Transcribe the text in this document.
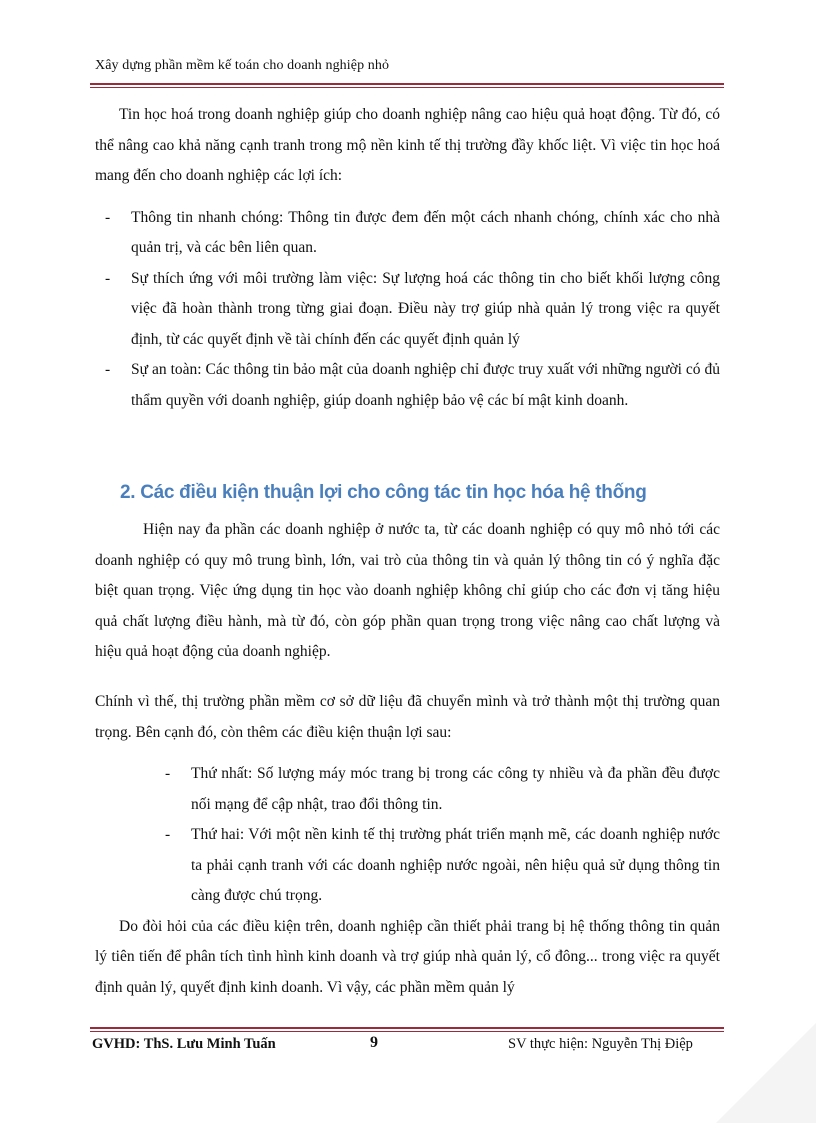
Xây dựng phần mềm kế toán cho doanh nghiệp nhỏ

Tin học hoá trong doanh nghiệp giúp cho doanh nghiệp nâng cao hiệu quả hoạt động. Từ đó, có thể nâng cao khả năng cạnh tranh trong mộ nền kinh tế thị trường đầy khốc liệt. Vì việc tin học hoá mang đến cho doanh nghiệp các lợi ích:

- Thông tin nhanh chóng: Thông tin được đem đến một cách nhanh chóng, chính xác cho nhà quản trị, và các bên liên quan.

- Sự thích ứng với môi trường làm việc: Sự lượng hoá các thông tin cho biết khối lượng công việc đã hoàn thành trong từng giai đoạn. Điều này trợ giúp nhà quản lý trong việc ra quyết định, từ các quyết định về tài chính đến các quyết định quản lý

- Sự an toàn: Các thông tin bảo mật của doanh nghiệp chỉ được truy xuất với những người có đủ thẩm quyền với doanh nghiệp, giúp doanh nghiệp bảo vệ các bí mật kinh doanh.

2. Các điều kiện thuận lợi cho công tác tin học hóa hệ thống

Hiện nay đa phần các doanh nghiệp ở nước ta, từ các doanh nghiệp có quy mô nhỏ tới các doanh nghiệp có quy mô trung bình, lớn, vai trò của thông tin và quản lý thông tin có ý nghĩa đặc biệt quan trọng. Việc ứng dụng tin học vào doanh nghiệp không chỉ giúp cho các đơn vị tăng hiệu quả chất lượng điều hành, mà từ đó, còn góp phần quan trọng trong việc nâng cao chất lượng và hiệu quả hoạt động của doanh nghiệp.

Chính vì thế, thị trường phần mềm cơ sở dữ liệu đã chuyển mình và trở thành một thị trường quan trọng. Bên cạnh đó, còn thêm các điều kiện thuận lợi sau:

- Thứ nhất: Số lượng máy móc trang bị trong các công ty nhiều và đa phần đều được nối mạng để cập nhật, trao đổi thông tin.

- Thứ hai: Với một nền kinh tế thị trường phát triển mạnh mẽ, các doanh nghiệp nước ta phải cạnh tranh với các doanh nghiệp nước ngoài, nên hiệu quả sử dụng thông tin càng được chú trọng.

Do đòi hỏi của các điều kiện trên, doanh nghiệp cần thiết phải trang bị hệ thống thông tin quản lý tiên tiến để phân tích tình hình kinh doanh và trợ giúp nhà quản lý, cổ đông... trong việc ra quyết định quản lý, quyết định kinh doanh. Vì vậy, các phần mềm quản lý

GVHD: ThS. Lưu Minh Tuấn	9	SV thực hiện: Nguyễn Thị Điệp
